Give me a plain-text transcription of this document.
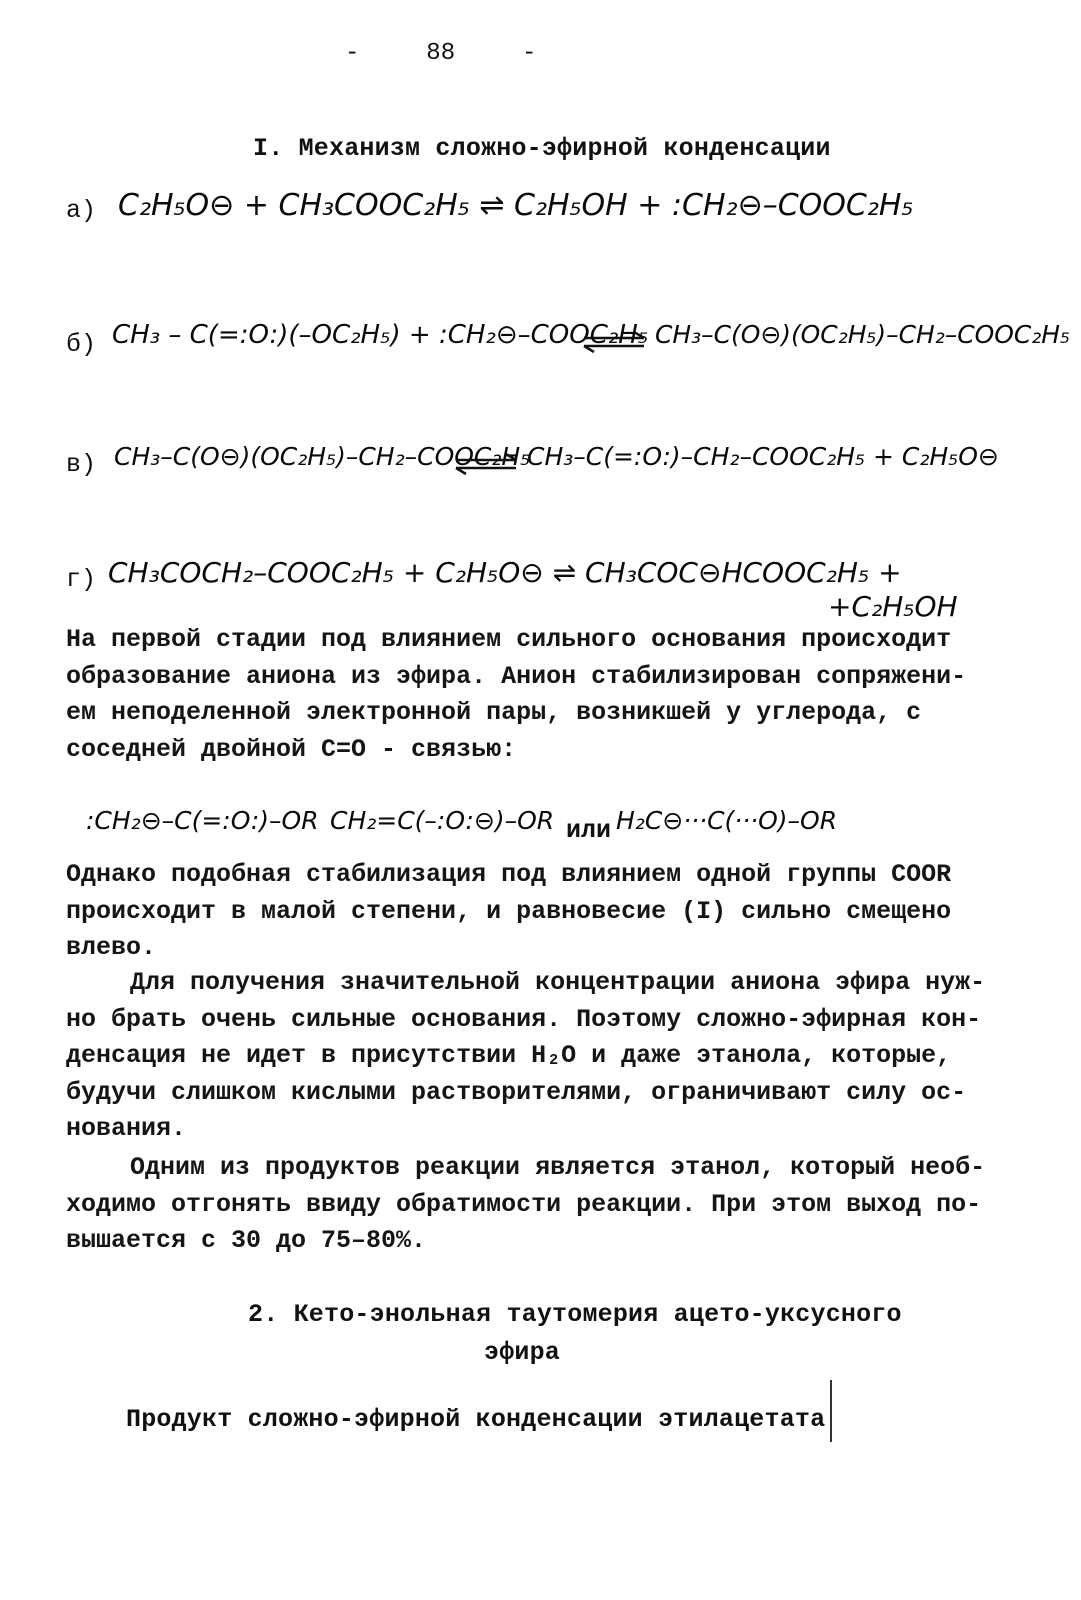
- 88 -
I. Механизм сложно-эфирной конденсации
а) C₂H₅O⊖ + CH₃COOC₂H₅ ⇌ C₂H₅OH + :CH₂⊖–COOC₂H₅
б) CH₃ – C(=:O:)(–OC₂H₅) + :CH₂⊖–COOC₂H₅ CH₃–C(O⊖)(OC₂H₅)–CH₂–COOC₂H₅
в) CH₃–C(O⊖)(OC₂H₅)–CH₂–COOC₂H₅
CH₃–C(=:O:)–CH₂–COOC₂H₅ + C₂H₅O⊖
г) CH₃COCH₂–COOC₂H₅ + C₂H₅O⊖ ⇌ CH₃COC⊖HCOOC₂H₅ +
+C₂H₅OH
На первой стадии под влиянием сильного основания происходит
образование аниона из эфира. Анион стабилизирован сопряжени-
ем неподеленной электронной пары, возникшей у углерода, с
соседней двойной С=О - связью:
:CH₂⊖–C(=:O:)–OR CH₂=C(–:O:⊖)–OR или H₂C⊖···C(···O)–OR
Однако подобная стабилизация под влиянием одной группы COOR
происходит в малой степени, и равновесие (I) сильно смещено
влево.
Для получения значительной концентрации аниона эфира нуж-
но брать очень сильные основания. Поэтому сложно-эфирная кон-
денсация не идет в присутствии H₂O и даже этанола, которые,
будучи слишком кислыми растворителями, ограничивают силу ос-
нования.
Одним из продуктов реакции является этанол, который необ-
ходимо отгонять ввиду обратимости реакции. При этом выход по-
вышается с 30 до 75–80%.
2. Кето-энольная таутомерия ацето-уксусного
эфира
Продукт сложно-эфирной конденсации этилацетата
